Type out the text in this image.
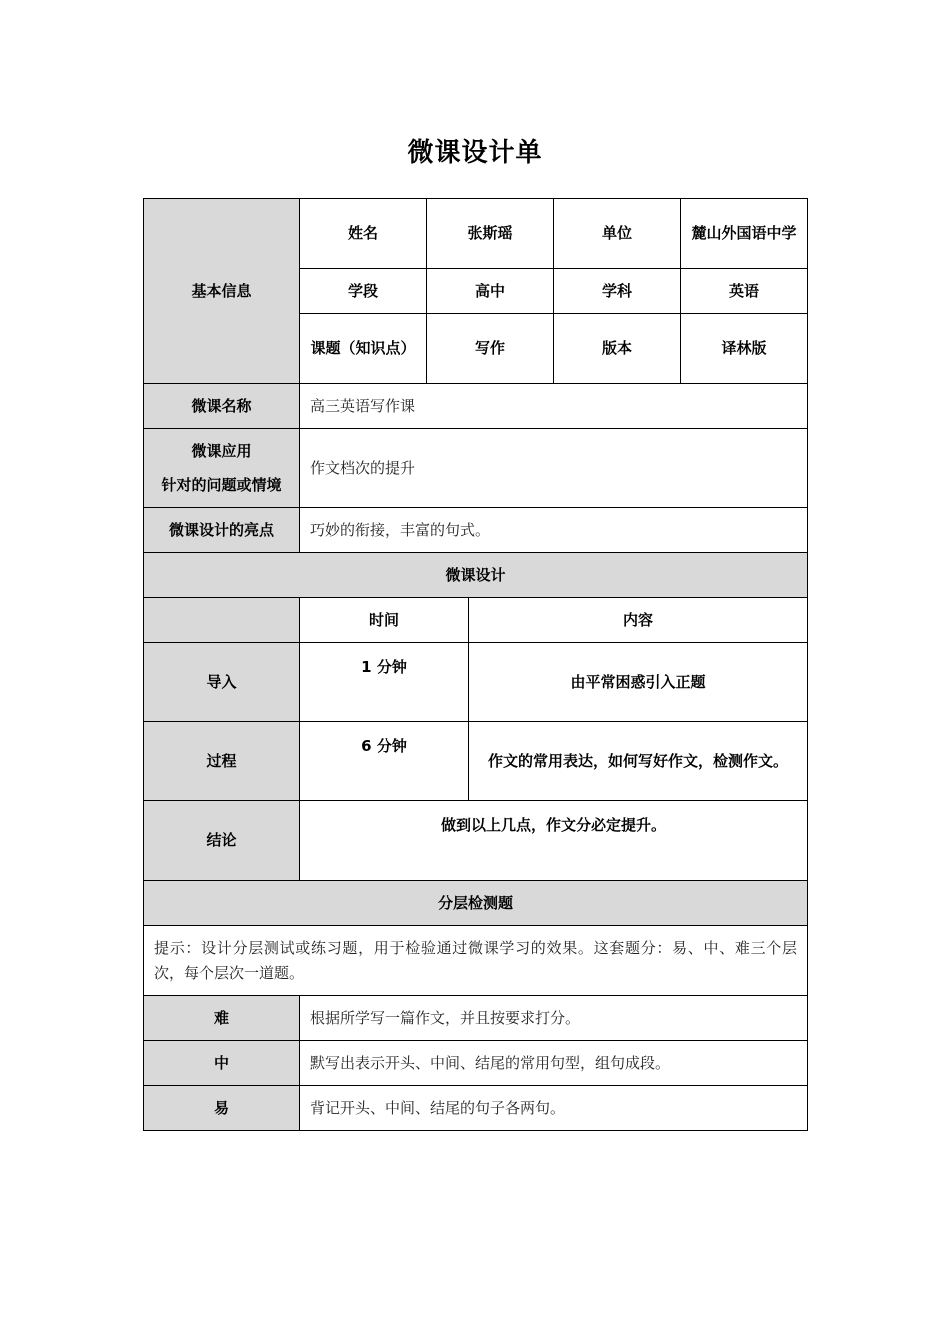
微课设计单
基本信息	姓名	张斯瑶		单位	麓山外国语中学
	学段	高中		学科	英语
	课题（知识点）	写作		版本	译林版
微课名称	高三英语写作课				

微课应用
针对的问题或情境	作文档次的提升				
微课设计的亮点	巧妙的衔接，丰富的句式。				
微课设计					
	时间		内容		
导入	1 分钟		由平常困惑引入正题		
过程	6 分钟		作文的常用表达，如何写好作文，检测作文。		
结论	做到以上几点，作文分必定提升。				
分层检测题					
提示：设计分层测试或练习题，用于检验通过微课学习的效果。这套题分：易、中、难三个层次，每个层次一道题。					
难	根据所学写一篇作文，并且按要求打分。				
中	默写出表示开头、中间、结尾的常用句型，组句成段。				
易	背记开头、中间、结尾的句子各两句。				
